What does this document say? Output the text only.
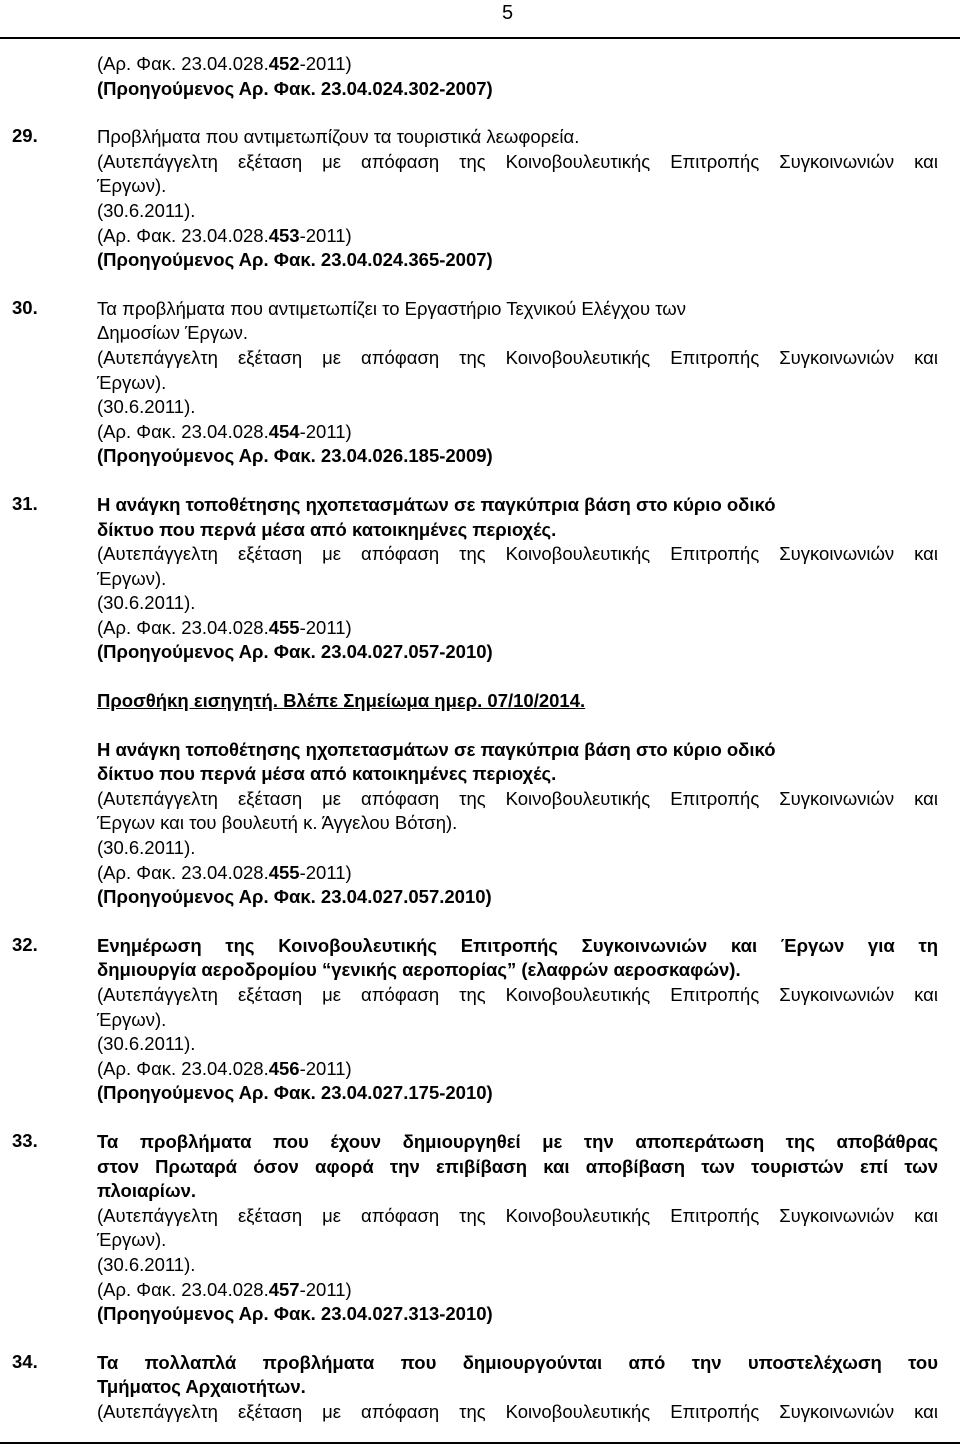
5
(Αρ. Φακ. 23.04.028.452-2011)
(Προηγούμενος Αρ. Φακ. 23.04.024.302-2007)
29.	Προβλήματα που αντιμετωπίζουν τα τουριστικά λεωφορεία.
(Αυτεπάγγελτη εξέταση με απόφαση της Κοινοβουλευτικής Επιτροπής Συγκοινωνιών και
Έργων).
(30.6.2011).
(Αρ. Φακ. 23.04.028.453-2011)
(Προηγούμενος Αρ. Φακ. 23.04.024.365-2007)
30.	Τα προβλήματα που αντιμετωπίζει το Εργαστήριο Τεχνικού Ελέγχου των
Δημοσίων Έργων.
(Αυτεπάγγελτη εξέταση με απόφαση της Κοινοβουλευτικής Επιτροπής Συγκοινωνιών και
Έργων).
(30.6.2011).
(Αρ. Φακ. 23.04.028.454-2011)
(Προηγούμενος Αρ. Φακ. 23.04.026.185-2009)
31.	Η ανάγκη τοποθέτησης ηχοπετασμάτων σε παγκύπρια βάση στο κύριο οδικό
δίκτυο που περνά μέσα από κατοικημένες περιοχές.
(Αυτεπάγγελτη εξέταση με απόφαση της Κοινοβουλευτικής Επιτροπής Συγκοινωνιών και
Έργων).
(30.6.2011).
(Αρ. Φακ. 23.04.028.455-2011)
(Προηγούμενος Αρ. Φακ. 23.04.027.057-2010)
Προσθήκη εισηγητή. Βλέπε Σημείωμα ημερ. 07/10/2014.
Η ανάγκη τοποθέτησης ηχοπετασμάτων σε παγκύπρια βάση στο κύριο οδικό
δίκτυο που περνά μέσα από κατοικημένες περιοχές.
(Αυτεπάγγελτη εξέταση με απόφαση της Κοινοβουλευτικής Επιτροπής Συγκοινωνιών και
Έργων και του βουλευτή κ. Άγγελου Βότση).
(30.6.2011).
(Αρ. Φακ. 23.04.028.455-2011)
(Προηγούμενος Αρ. Φακ. 23.04.027.057.2010)
32.	Ενημέρωση της Κοινοβουλευτικής Επιτροπής Συγκοινωνιών και Έργων για τη
δημιουργία αεροδρομίου “γενικής αεροπορίας” (ελαφρών αεροσκαφών).
(Αυτεπάγγελτη εξέταση με απόφαση της Κοινοβουλευτικής Επιτροπής Συγκοινωνιών και
Έργων).
(30.6.2011).
(Αρ. Φακ. 23.04.028.456-2011)
(Προηγούμενος Αρ. Φακ. 23.04.027.175-2010)
33.	Τα προβλήματα που έχουν δημιουργηθεί με την αποπεράτωση της αποβάθρας
στον Πρωταρά όσον αφορά την επιβίβαση και αποβίβαση των τουριστών επί των
πλοιαρίων.
(Αυτεπάγγελτη εξέταση με απόφαση της Κοινοβουλευτικής Επιτροπής Συγκοινωνιών και
Έργων).
(30.6.2011).
(Αρ. Φακ. 23.04.028.457-2011)
(Προηγούμενος Αρ. Φακ. 23.04.027.313-2010)
34.	Τα πολλαπλά προβλήματα που δημιουργούνται από την υποστελέχωση του
Τμήματος Αρχαιοτήτων.
(Αυτεπάγγελτη εξέταση με απόφαση της Κοινοβουλευτικής Επιτροπής Συγκοινωνιών και
